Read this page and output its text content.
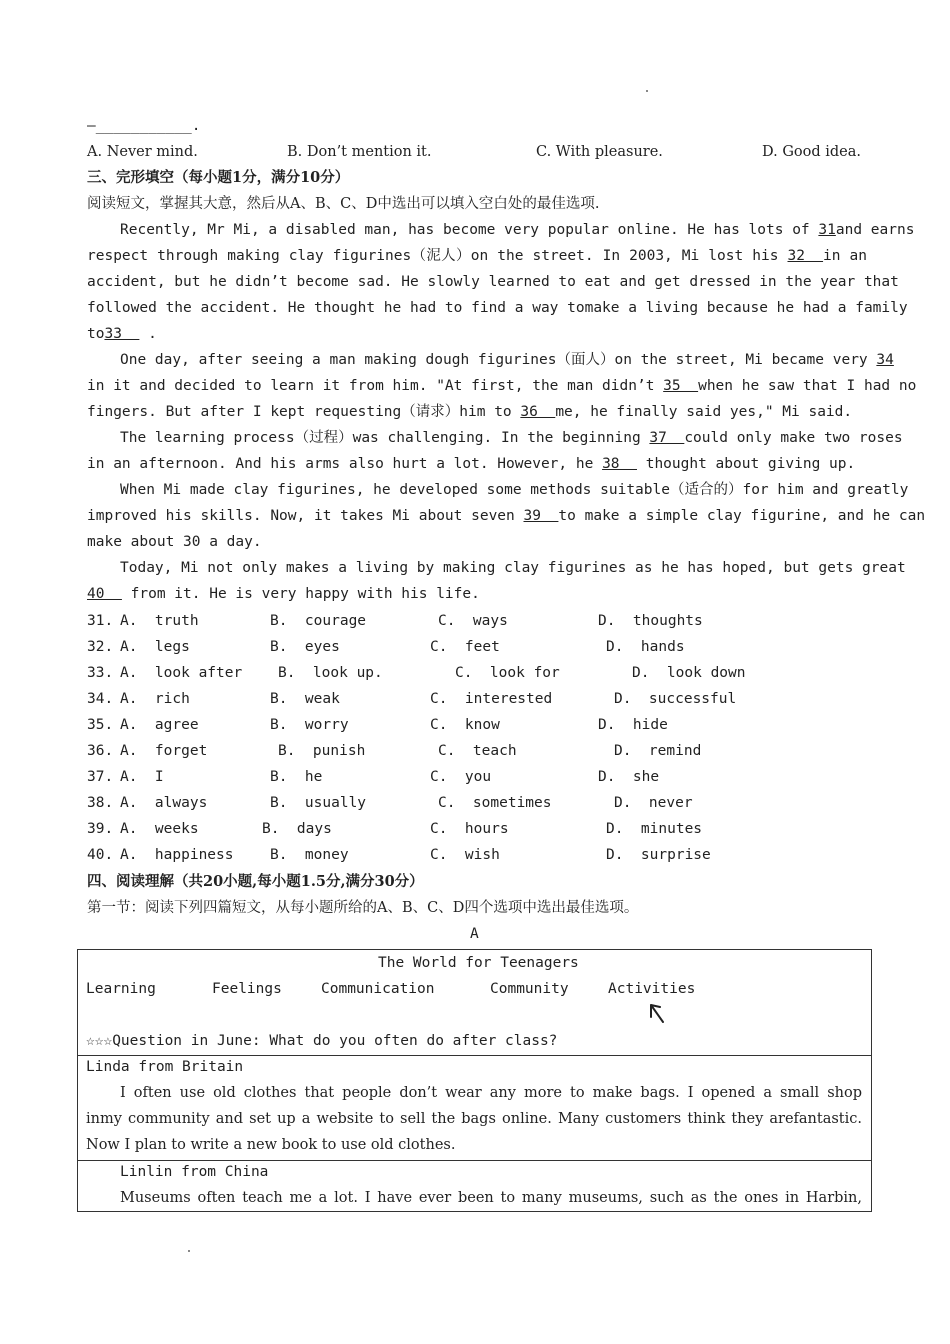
—___________.
A. Never mind.	B. Don’t mention it.	C. With pleasure.	D. Good idea.
三、完形填空（每小题1分，满分10分）
阅读短文，掌握其大意，然后从A、B、C、D中选出可以填入空白处的最佳选项.
Recently, Mr Mi, a disabled man, has become very popular online. He has lots of 31and earns
respect through making clay figurines（泥人）on the street. In 2003, Mi lost his 32  in an
accident, but he didn’t become sad. He slowly learned to eat and get dressed in the year that
followed the accident. He thought he had to find a way tomake a living because he had a family
to33   .
One day, after seeing a man making dough figurines（面人）on the street, Mi became very 34
in it and decided to learn it from him. "At first, the man didn’t 35  when he saw that I had no
fingers. But after I kept requesting（请求）him to 36  me, he finally said yes," Mi said.
The learning process（过程）was challenging. In the beginning 37  could only make two roses
in an afternoon. And his arms also hurt a lot. However, he 38   thought about giving up.
When Mi made clay figurines, he developed some methods suitable（适合的）for him and greatly
improved his skills. Now, it takes Mi about seven 39  to make a simple clay figurine, and he can
make about 30 a day.
Today, Mi not only makes a living by making clay figurines as he has hoped, but gets great
40   from it. He is very happy with his life.
31. A.  truth	B.  courage	C.  ways	D.  thoughts
32. A.  legs	B.  eyes	C.  feet	D.  hands
33. A.  look after B.  look up.	C.  look for	D.  look down
34. A.  rich	B.  weak	C.  interested	D.  successful
35. A.  agree	B.  worry	C.  know	D.  hide
36. A.  forget	B.  punish	C.  teach	D.  remind
37. A.  I	B.  he	C.  you	D.  she
38. A.  always	B.  usually	C.  sometimes	D.  never
39. A.  weeks	B.  days	C.  hours	D.  minutes
40. A.  happiness	B.  money	C.  wish	D.  surprise
四、阅读理解（共20小题,每小题1.5分,满分30分）
第一节：阅读下列四篇短文，从每小题所给的A、B、C、D四个选项中选出最佳选项。
A
The World for Teenagers
Learning	Feelings	Communication	Community	Activities
☆☆☆Question in June: What do you often do after class?
Linda from Britain
I often use old clothes that people don’t wear any more to make bags. I opened a small shop
inmy community and set up a website to sell the bags online. Many customers think they arefantastic.
Now I plan to write a new book to use old clothes.
Linlin from China
Museums often teach me a lot. I have ever been to many museums, such as the ones in Harbin,
